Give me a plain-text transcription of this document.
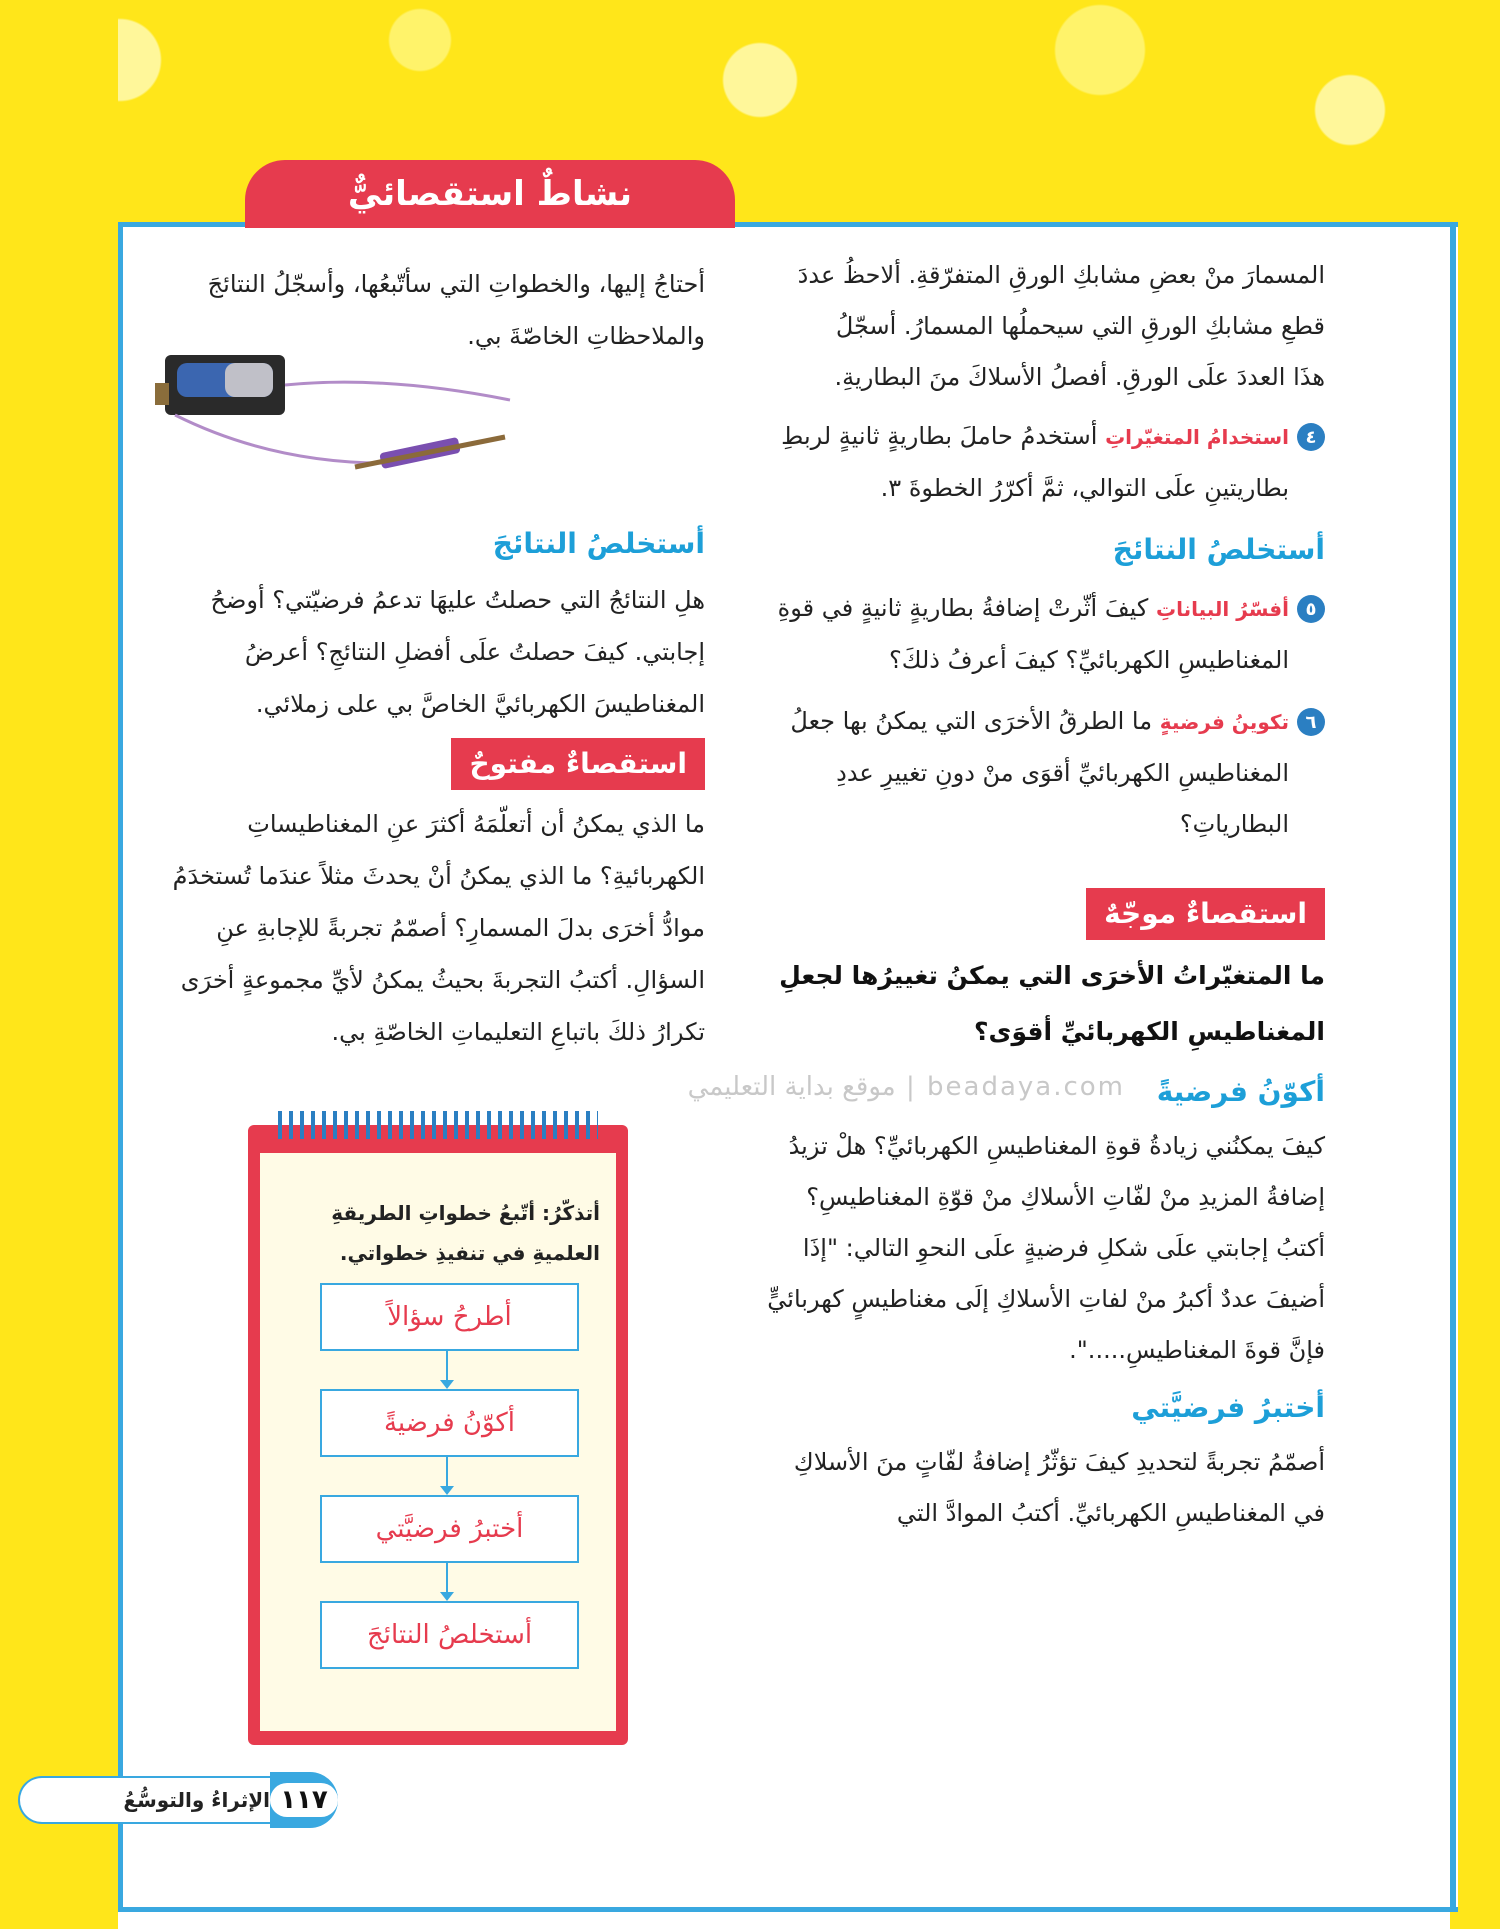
نشاطٌ استقصائيٌّ

المسمارَ منْ بعضِ مشابكِ الورقِ المتفرّقةِ. ألاحظُ عددَ

قطعِ مشابكِ الورقِ التي سيحملُها المسمارُ. أسجّلُ

هذَا العددَ علَى الورقِ. أفصلُ الأسلاكَ منَ البطاريةِ.

٤

استخدامُ المتغيّراتِ أستخدمُ حاملَ بطاريةٍ ثانيةٍ لربطِ بطاريتينِ علَى التوالي، ثمَّ أكرّرُ الخطوةَ ٣.

أستخلصُ النتائجَ

٥

أفسّرُ البياناتِ كيفَ أثّرتْ إضافةُ بطاريةٍ ثانيةٍ في قوةِ المغناطيسِ الكهربائيِّ؟ كيفَ أعرفُ ذلكَ؟

٦

تكوينُ فرضيةٍ ما الطرقُ الأخرَى التي يمكنُ بها جعلُ المغناطيسِ الكهربائيِّ أقوَى منْ دونِ تغييرِ عددِ البطارياتِ؟

استقصاءٌ موجّهٌ

ما المتغيّراتُ الأخرَى التي يمكنُ تغييرُها لجعلِ المغناطيسِ الكهربائيِّ أقوَى؟

أكوّنُ فرضيةً

كيفَ يمكنُني زيادةُ قوةِ المغناطيسِ الكهربائيِّ؟ هلْ تزيدُ إضافةُ المزيدِ منْ لفّاتِ الأسلاكِ منْ قوّةِ المغناطيسِ؟ أكتبُ إجابتي علَى شكلِ فرضيةٍ علَى النحوِ التالي: "إذَا أضيفَ عددٌ أكبرُ منْ لفاتِ الأسلاكِ إلَى مغناطيسٍ كهربائيٍّ فإنَّ قوةَ المغناطيسِ.....".

أختبرُ فرضيَّتي

أصمّمُ تجربةً لتحديدِ كيفَ تؤثّرُ إضافةُ لفّاتٍ منَ الأسلاكِ في المغناطيسِ الكهربائيِّ. أكتبُ الموادَّ التي

أحتاجُ إليها، والخطواتِ التي سأتّبعُها، وأسجّلُ النتائجَ والملاحظاتِ الخاصّةَ بي.

أستخلصُ النتائجَ

هلِ النتائجُ التي حصلتُ عليهَا تدعمُ فرضيّتي؟ أوضحُ إجابتي. كيفَ حصلتُ علَى أفضلِ النتائجِ؟ أعرضُ المغناطيسَ الكهربائيَّ الخاصَّ بي على زملائي.

استقصاءٌ مفتوحٌ

ما الذي يمكنُ أن أتعلّمَهُ أكثرَ عنِ المغناطيساتِ الكهربائيةِ؟ ما الذي يمكنُ أنْ يحدثَ مثلاً عندَما تُستخدَمُ موادُّ أخرَى بدلَ المسمارِ؟ أصمّمُ تجربةً للإجابةِ عنِ السؤالِ. أكتبُ التجربةَ بحيثُ يمكنُ لأيِّ مجموعةٍ أخرَى تكرارُ ذلكَ باتباعِ التعليماتِ الخاصّةِ بي.

beadaya.com | موقع بداية التعليمي

أتذكّرُ: أتّبعُ خطواتِ الطريقةِ العلميةِ في تنفيذِ خطواتي.

أطرحُ سؤالاً
أكوّنُ فرضيةً
أختبرُ فرضيَّتي
أستخلصُ النتائجَ
الإثراءُ والتوسُّعُ ١١٧
